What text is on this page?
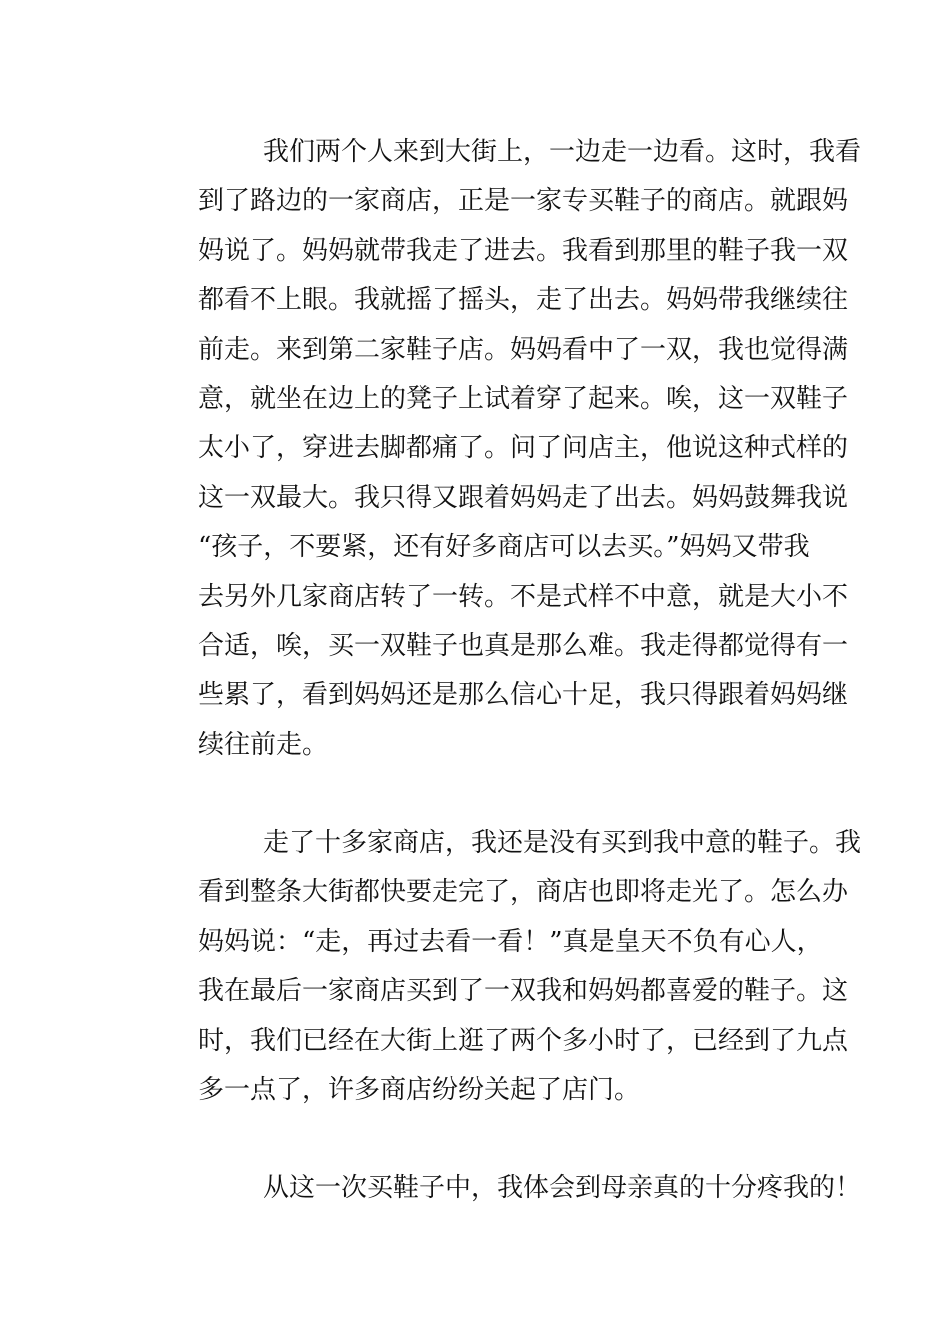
我们两个人来到大街上，一边走一边看。这时，我看
到了路边的一家商店，正是一家专买鞋子的商店。就跟妈
妈说了。妈妈就带我走了进去。我看到那里的鞋子我一双
都看不上眼。我就摇了摇头，走了出去。妈妈带我继续往
前走。来到第二家鞋子店。妈妈看中了一双，我也觉得满
意，就坐在边上的凳子上试着穿了起来。唉，这一双鞋子
太小了，穿进去脚都痛了。问了问店主，他说这种式样的
这一双最大。我只得又跟着妈妈走了出去。妈妈鼓舞我说
“孩子，不要紧，还有好多商店可以去买。”妈妈又带我
去另外几家商店转了一转。不是式样不中意，就是大小不
合适，唉，买一双鞋子也真是那么难。我走得都觉得有一
些累了，看到妈妈还是那么信心十足，我只得跟着妈妈继
续往前走。
走了十多家商店，我还是没有买到我中意的鞋子。我
看到整条大街都快要走完了，商店也即将走光了。怎么办
妈妈说：“走，再过去看一看！”真是皇天不负有心人，
我在最后一家商店买到了一双我和妈妈都喜爱的鞋子。这
时，我们已经在大街上逛了两个多小时了，已经到了九点
多一点了，许多商店纷纷关起了店门。
从这一次买鞋子中，我体会到母亲真的十分疼我的！
